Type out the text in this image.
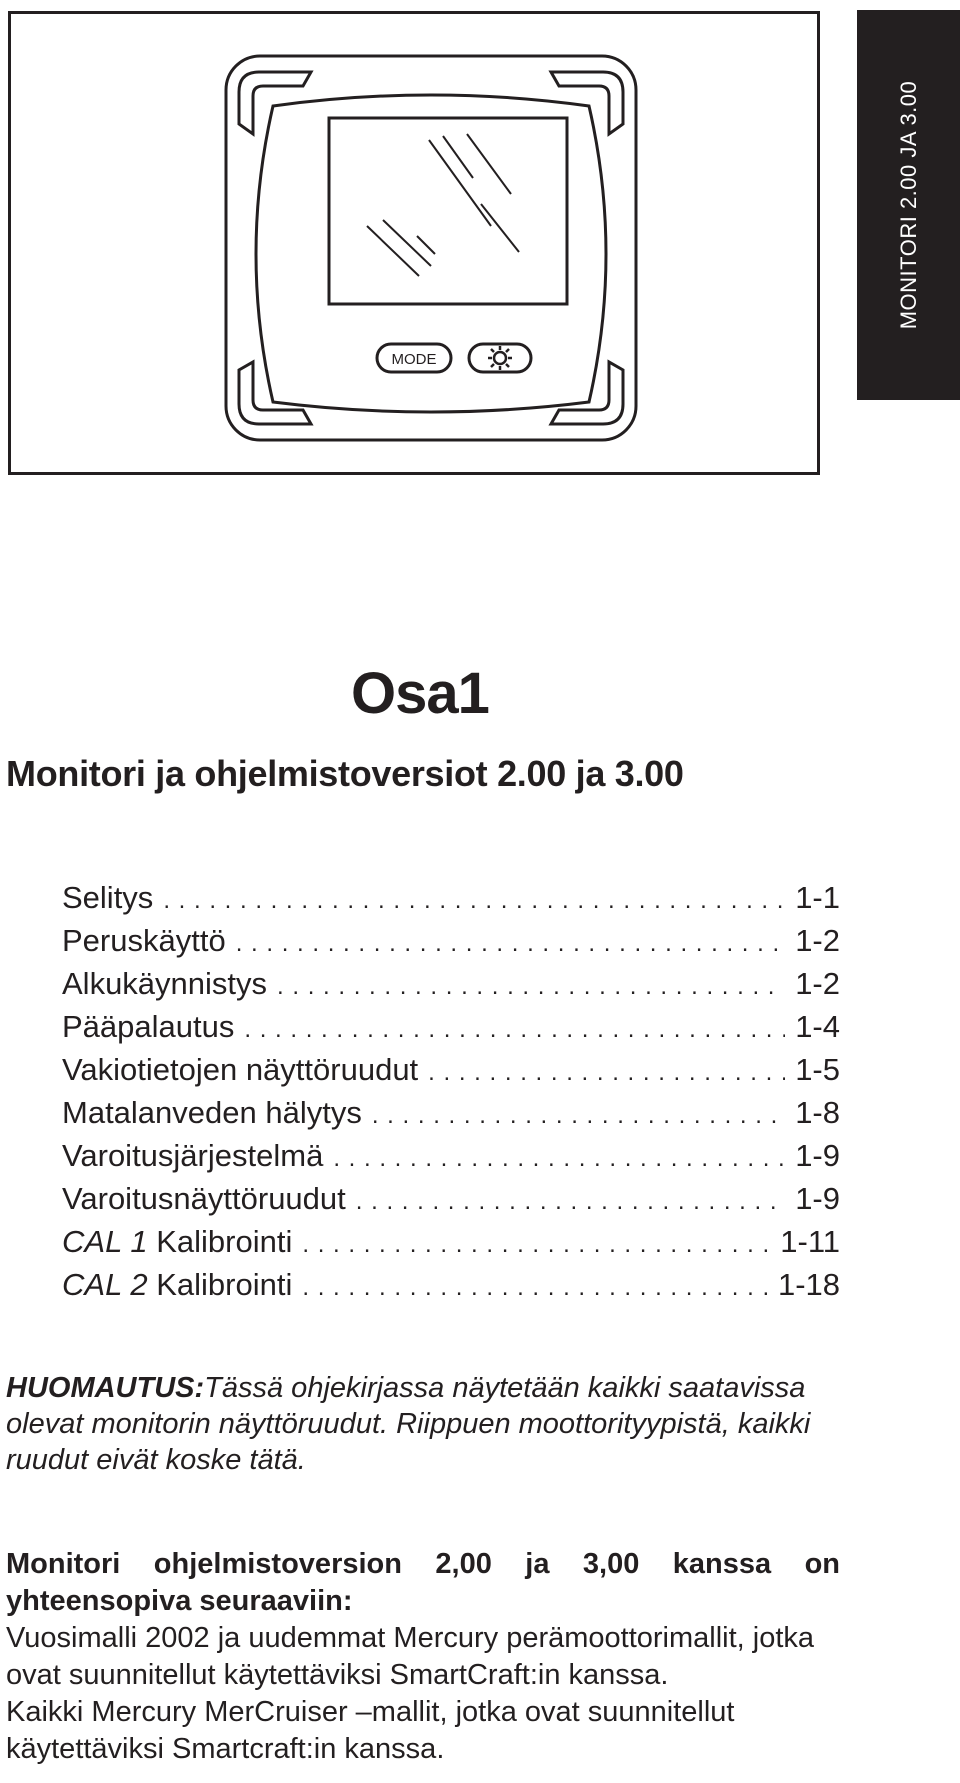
MONITORI 2.00 JA 3.00
MODE
Osa1
Monitori ja ohjelmistoversiot 2.00 ja 3.00
Selitys . . .	1-1
Peruskäyttö . . .	1-2
Alkukäynnistys . . .	1-2
Pääpalautus . . .	1-4
Vakiotietojen näyttöruudut . . .	1-5
Matalanveden hälytys . . .	1-8
Varoitusjärjestelmä . . .	1-9
Varoitusnäyttöruudut . . .	1-9
CAL 1 Kalibrointi . . .	1-11
CAL 2 Kalibrointi . . .	1-18
HUOMAUTUS:Tässä ohjekirjassa näytetään kaikki saatavissa olevat monitorin näyttöruudut. Riippuen moottorityypistä, kaikki ruudut eivät koske tätä.
Monitori ohjelmistoversion 2,00 ja 3,00 kanssa on yhteensopiva seuraaviin:

Vuosimalli 2002 ja uudemmat Mercury perämoottorimallit, jotka ovat suunnitellut käytettäviksi SmartCraft:in kanssa.

Kaikki Mercury MerCruiser –mallit, jotka ovat suunnitellut käytettäviksi Smartcraft:in kanssa.
